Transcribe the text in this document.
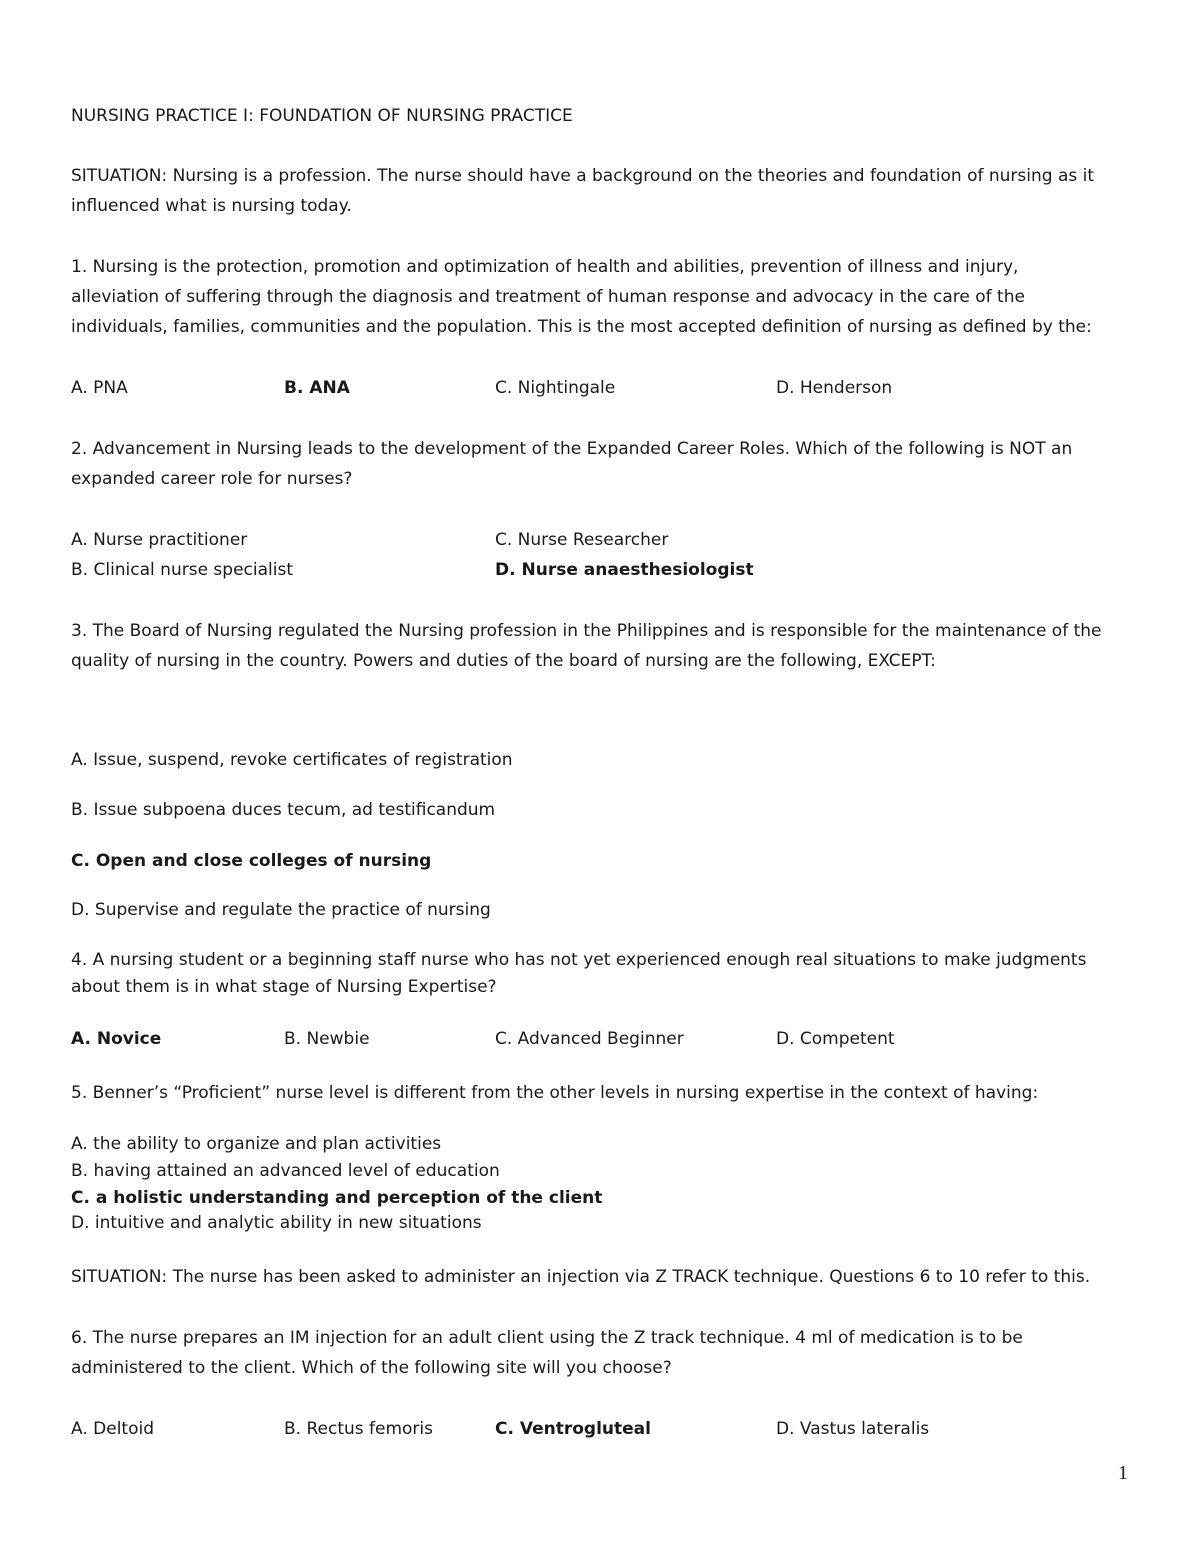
NURSING PRACTICE I: FOUNDATION OF NURSING PRACTICE
SITUATION: Nursing is a profession. The nurse should have a background on the theories and foundation of nursing as it
influenced what is nursing today.
1. Nursing is the protection, promotion and optimization of health and abilities, prevention of illness and injury,
alleviation of suffering through the diagnosis and treatment of human response and advocacy in the care of the
individuals, families, communities and the population. This is the most accepted definition of nursing as defined by the:
A. PNA	B. ANA	C. Nightingale	D. Henderson
2. Advancement in Nursing leads to the development of the Expanded Career Roles. Which of the following is NOT an
expanded career role for nurses?
A. Nurse practitioner	C. Nurse Researcher
B. Clinical nurse specialist	D. Nurse anaesthesiologist
3. The Board of Nursing regulated the Nursing profession in the Philippines and is responsible for the maintenance of the
quality of nursing in the country. Powers and duties of the board of nursing are the following, EXCEPT:
A. Issue, suspend, revoke certificates of registration
B. Issue subpoena duces tecum, ad testificandum
C. Open and close colleges of nursing
D. Supervise and regulate the practice of nursing
4. A nursing student or a beginning staff nurse who has not yet experienced enough real situations to make judgments
about them is in what stage of Nursing Expertise?
A. Novice	B. Newbie	C. Advanced Beginner	D. Competent
5. Benner’s “Proficient” nurse level is different from the other levels in nursing expertise in the context of having:
A. the ability to organize and plan activities
B. having attained an advanced level of education
C. a holistic understanding and perception of the client
D. intuitive and analytic ability in new situations
SITUATION: The nurse has been asked to administer an injection via Z TRACK technique. Questions 6 to 10 refer to this.
6. The nurse prepares an IM injection for an adult client using the Z track technique. 4 ml of medication is to be
administered to the client. Which of the following site will you choose?
A. Deltoid	B. Rectus femoris	C. Ventrogluteal	D. Vastus lateralis
1
